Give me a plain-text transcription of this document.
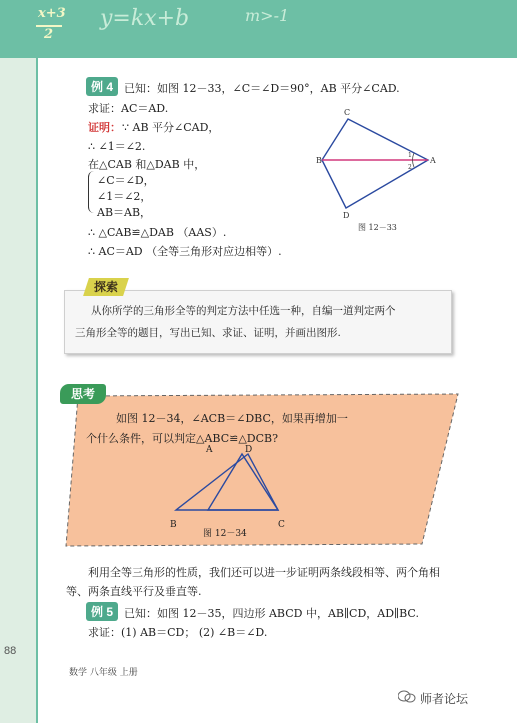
x+3
2
y=kx+b	m>-1
例 4 已知：如图 12－33，∠C＝∠D＝90°，AB 平分∠CAD.
求证：AC＝AD.
证明： ∵ AB 平分∠CAD，
∴ ∠1＝∠2.
在△CAB 和△DAB 中，
∠C＝∠D，
∠1＝∠2，
AB＝AB，
∴ △CAB≌△DAB （AAS）.
∴ AC＝AD （全等三角形对应边相等）.
C
B	A
D
1
2
图 12－33
从你所学的三角形全等的判定方法中任选一种，自编一道判定两个
三角形全等的题目，写出已知、求证、证明，并画出图形.
探索
思考
如图 12－34，∠ACB＝∠DBC，如果再增加一
个什么条件，可以判定△ABC≌△DCB?
B
A	D
C
图 12－34
利用全等三角形的性质，我们还可以进一步证明两条线段相等、两个角相
等、两条直线平行及垂直等.
例 5 已知：如图 12－35，四边形 ABCD 中，AB∥CD，AD∥BC.
求证：(1) AB＝CD； (2) ∠B＝∠D.
88
数学 八年级 上册
师者论坛
